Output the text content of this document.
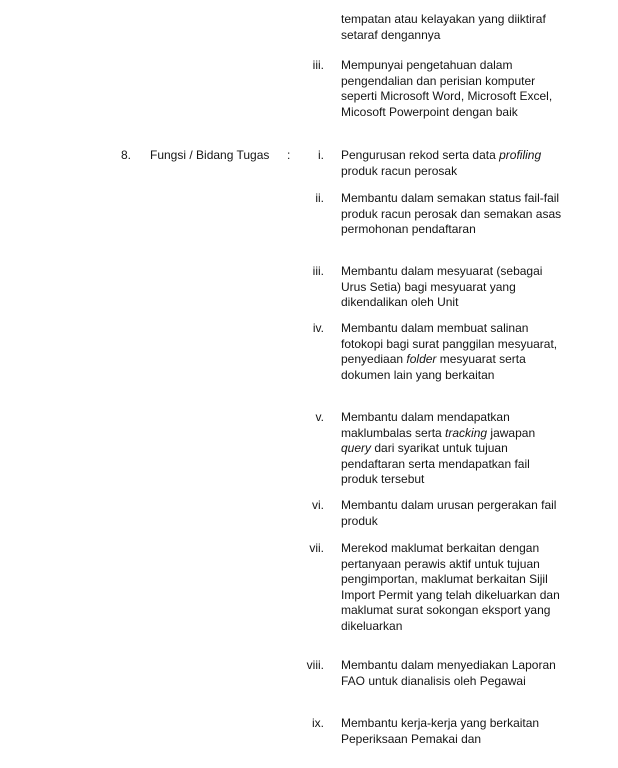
tempatan atau kelayakan yang diiktiraf setaraf dengannya

iii. Mempunyai pengetahuan dalam pengendalian dan perisian komputer seperti Microsoft Word, Microsoft Excel, Micosoft Powerpoint dengan baik

8. Fungsi / Bidang Tugas :	i. Pengurusan rekod serta data profiling produk racun perosak

ii. Membantu dalam semakan status fail-fail produk racun perosak dan semakan asas permohonan pendaftaran

iii. Membantu dalam mesyuarat (sebagai Urus Setia) bagi mesyuarat yang dikendalikan oleh Unit

iv. Membantu dalam membuat salinan fotokopi bagi surat panggilan mesyuarat, penyediaan folder mesyuarat serta dokumen lain yang berkaitan

v. Membantu dalam mendapatkan maklumbalas serta tracking jawapan query dari syarikat untuk tujuan pendaftaran serta mendapatkan fail produk tersebut

vi. Membantu dalam urusan pergerakan fail produk

vii. Merekod maklumat berkaitan dengan pertanyaan perawis aktif untuk tujuan pengimportan, maklumat berkaitan Sijil Import Permit yang telah dikeluarkan dan maklumat surat sokongan eksport yang dikeluarkan

viii. Membantu dalam menyediakan Laporan FAO untuk dianalisis oleh Pegawai

ix. Membantu kerja-kerja yang berkaitan Peperiksaan Pemakai dan
